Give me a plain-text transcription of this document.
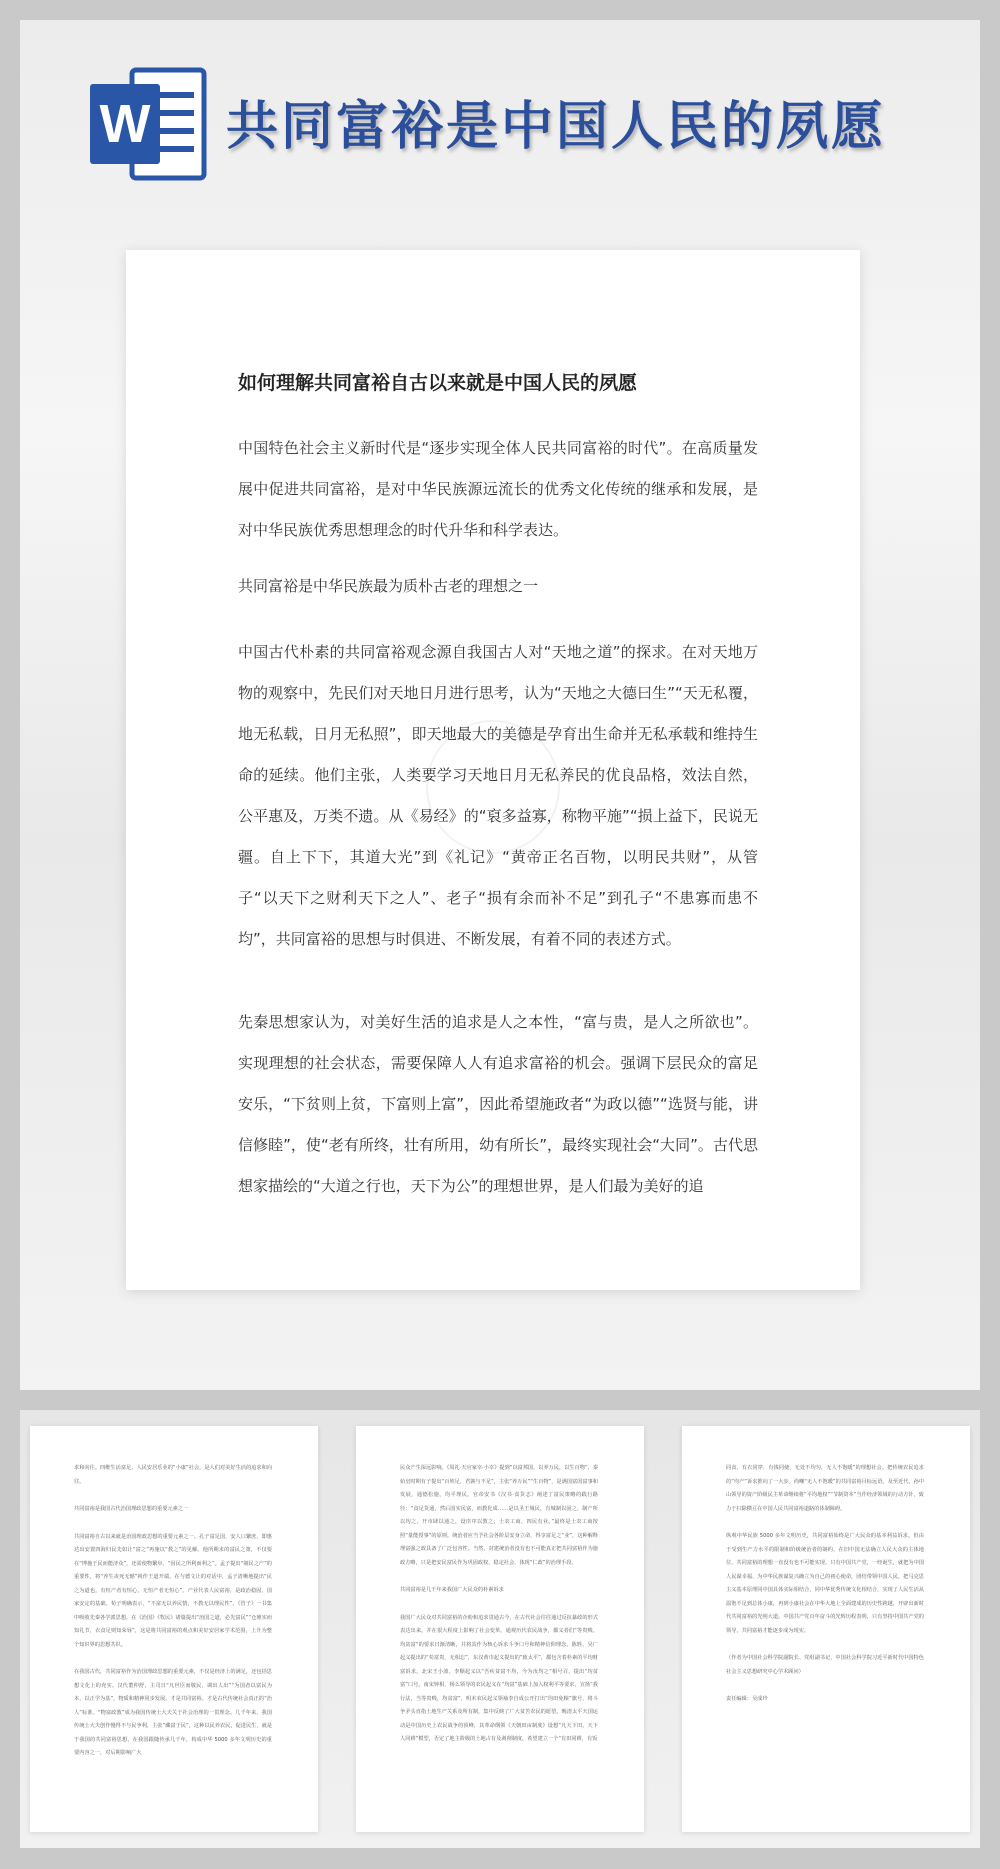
W 共同富裕是中国人民的夙愿
如何理解共同富裕自古以来就是中国人民的夙愿

中国特色社会主义新时代是“逐步实现全体人民共同富裕的时代”。在高质量发展中促进共同富裕，是对中华民族源远流长的优秀文化传统的继承和发展，是对中华民族优秀思想理念的时代升华和科学表达。

共同富裕是中华民族最为质朴古老的理想之一

中国古代朴素的共同富裕观念源自我国古人对“天地之道”的探求。在对天地万物的观察中，先民们对天地日月进行思考，认为“天地之大德曰生”“天无私覆，地无私载，日月无私照”，即天地最大的美德是孕育出生命并无私承载和维持生命的延续。他们主张，人类要学习天地日月无私养民的优良品格，效法自然，公平惠及，万类不遗。从《易经》的“裒多益寡，称物平施”“损上益下，民说无疆。自上下下，其道大光”到《礼记》“黄帝正名百物，以明民共财”，从管子“以天下之财利天下之人”、老子“损有余而补不足”到孔子“不患寡而患不均”，共同富裕的思想与时俱进、不断发展，有着不同的表述方式。

先秦思想家认为，对美好生活的追求是人之本性，“富与贵，是人之所欲也”。实现理想的社会状态，需要保障人人有追求富裕的机会。强调下层民众的富足安乐，“下贫则上贫，下富则上富”，因此希望施政者“为政以德”“选贤与能，讲信修睦”，使“老有所终，壮有所用，幼有所长”，最终实现社会“大同”。古代思想家描绘的“大道之行也，天下为公”的理想世界，是人们最为美好的追

求和向往。四维生活富足，人民安居乐业的“小康”社会，是人们对美好生活的追求和向往。

共同富裕是我国古代治国理政思想的重要元素之一

共同富裕自古以来就是治国理政思想的重要元素之一。孔子富足国，安人口繁庶，即惠达出安置四海归民先如让“富之”再施以“教之”的见解。他所期求的富民之策，不仅要在“博施于民而能济众”，还需使物繁阜，“因民之所利而利之”。孟子提出“制民之产”的重要性，将“养生丧死无憾”视作王道开端。在与德文让的对话中，孟子清晰地提出“民之为道也，有恒产者有恒心，无恒产者无恒心”。产业代表人民富裕，是政治稳固、国家安定的基础。荀子明确表示，“不富无以养民情，不教无以理民性”。《管子》一书集中吸收先秦各学派思想，在《治国》《牧民》诸篇提出“治国之道，必先富民”“仓廪实而知礼节，衣食足则知荣辱”，这是将共同富裕的观点和美好安居家学术范围，上升为整个知识界的思想共识。

在我国古代，共同富裕作为治国理政思想的重要元素，不仅是经济上的满足，还包括思想文化上的充实。汉代董仲舒，主司日“凡世臣而敬民，调出人出”“为国者以富民为本，以正学为基”，物质和精神同步发展，才是共同富裕。才是古代传统社会真正的“治人”标准。“物富政教”成为我国传统士大夫关于社会治理的一贯理念。几千年来，我国传统士大夫创作慢得不与民争利，主张“藏富于民”，这种以民养农民，促进民生，就是于我国的共同富裕思想，在我国跟随传承几千年，构成中华 5000 多年文明历史的重要内容之一，对后期影响广大

民众产生深远影响。《周礼·天官家宰·小宰》提到“以富邦国，以养万民，以生百物”，秦始皇时期有子提出“百姓足，君孰与不足”，主张“养万民”“生百物”，是满国富国富事和发展，通德松施，均平理民。官帝安书《汉书·食货志》阐述了富民策略的践行路径：“食足货通，然后国实民富，而教化成……是以圣王城民，有城制以固之，制产所以均之，开市肆以通之，设庠序以教之；士农工商，四民有业。”最终是士农工商按照“量能授事”的原则。统治者应当予社会各阶层安身立命，得享富足之“业”，这种解释理富强之政具备了广泛包容性。当然，封建统治者没有也不可能真正把共同富裕作为施政方略，只是把安民富民作为巩固政权、稳定社会、体现“仁政”的治理手段。

共同富裕是几千年来我国广大民众的朴素诉求

我国广大民众对共同富裕的企盼和追求贯通古今，在古代社会往往通过反抗暴政的形式表达出来，并在很大程度上影响了社会变革。通观历代农民战争，都义者们“等贵贱、均贫富”的要求日渐清晰，并将其作为核心诉求斗争口号和精神信仰理念。陈胜、吴广起义提出的“苟富贵，无相忘”，东汉黄巾起义提出的“致太平”，都包含着朴素的平均财富诉求。北宋王小波、李顺起义以“吾疾贫富不均，今为汝均之”相号召，提出“均贫富”口号。南宋钟相、杨么领导的农民起义在“均富”基础上加入权利平等要求，宣扬“我行法，当等贵贱，均贫富”，明末农民起义领袖李自成公开打出“均田免粮”旗号，将斗争矛头直指土地生产关系及所有制，集中反映了广大贫苦农民的愿望。晚清太平天国运动是中国历史上农民战争的顶峰，其革命纲领《天朝田亩制度》设想“凡天下田，天下人同耕”模型，否定了地主阶级的土地占有及剥削制度，希望建立一个“有田同耕，有饭

同食，有衣同穿，有钱同使，无处不均匀，无人不饱暖”的理想社会。把传统农民追求的“均产”诉求推向了一大步。尚嘲“无人不饱暖”的共同富裕目标远语。及至近代，孙中山领导的资产阶级民主革命继续将“平均地权”“节制资本”当作经济领域的行动方针，致力于扫除横亘在中国人民共同富裕道路的体制障碍。

纵观中华民族 5000 多年文明历史，共同富裕始终是广大民众的基本利益诉求。但由于受到生产力水平的限制和阶级统治者的制约，在旧中国无法确立人民大众的主体地位，共同富裕的理想一直没有也不可能实现。只有中国共产党，一经诞生，就把为中国人民谋幸福、为中华民族谋复兴确立为自己的初心使命，团结带领中国人民，把马克思主义基本原理同中国具体实际相结合，同中华优秀传统文化相结合，实现了人民生活从温饱不足到总体小康，再到小康社会在中华大地上全面建成的历史性跨越，开辟出新时代共同富裕的光明大道。中国共产党百年奋斗的光辉历程表明，只有坚持中国共产党的领导，共同富裕才能逐步成为现实。

（作者为中国社会科学院副院长、党组副书记，中国社会科学院习近平新时代中国特色社会主义思想研究中心学术顾问）

责任编辑：吴成玲
